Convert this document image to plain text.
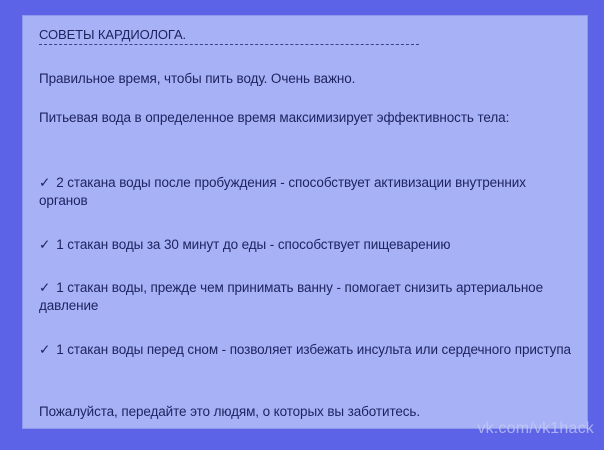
СОВЕТЫ КАРДИОЛОГА.

Правильное время, чтобы пить воду. Очень важно.

Питьевая вода в определенное время максимизирует эффективность тела:

✓ 2 стакана воды после пробуждения - способствует активизации внутренних органов

✓ 1 стакан воды за 30 минут до еды - способствует пищеварению

✓ 1 стакан воды, прежде чем принимать ванну - помогает снизить артериальное давление

✓ 1 стакан воды перед сном - позволяет избежать инсульта или сердечного приступа

Пожалуйста, передайте это людям, о которых вы заботитесь.

vk.com/vk1hack
